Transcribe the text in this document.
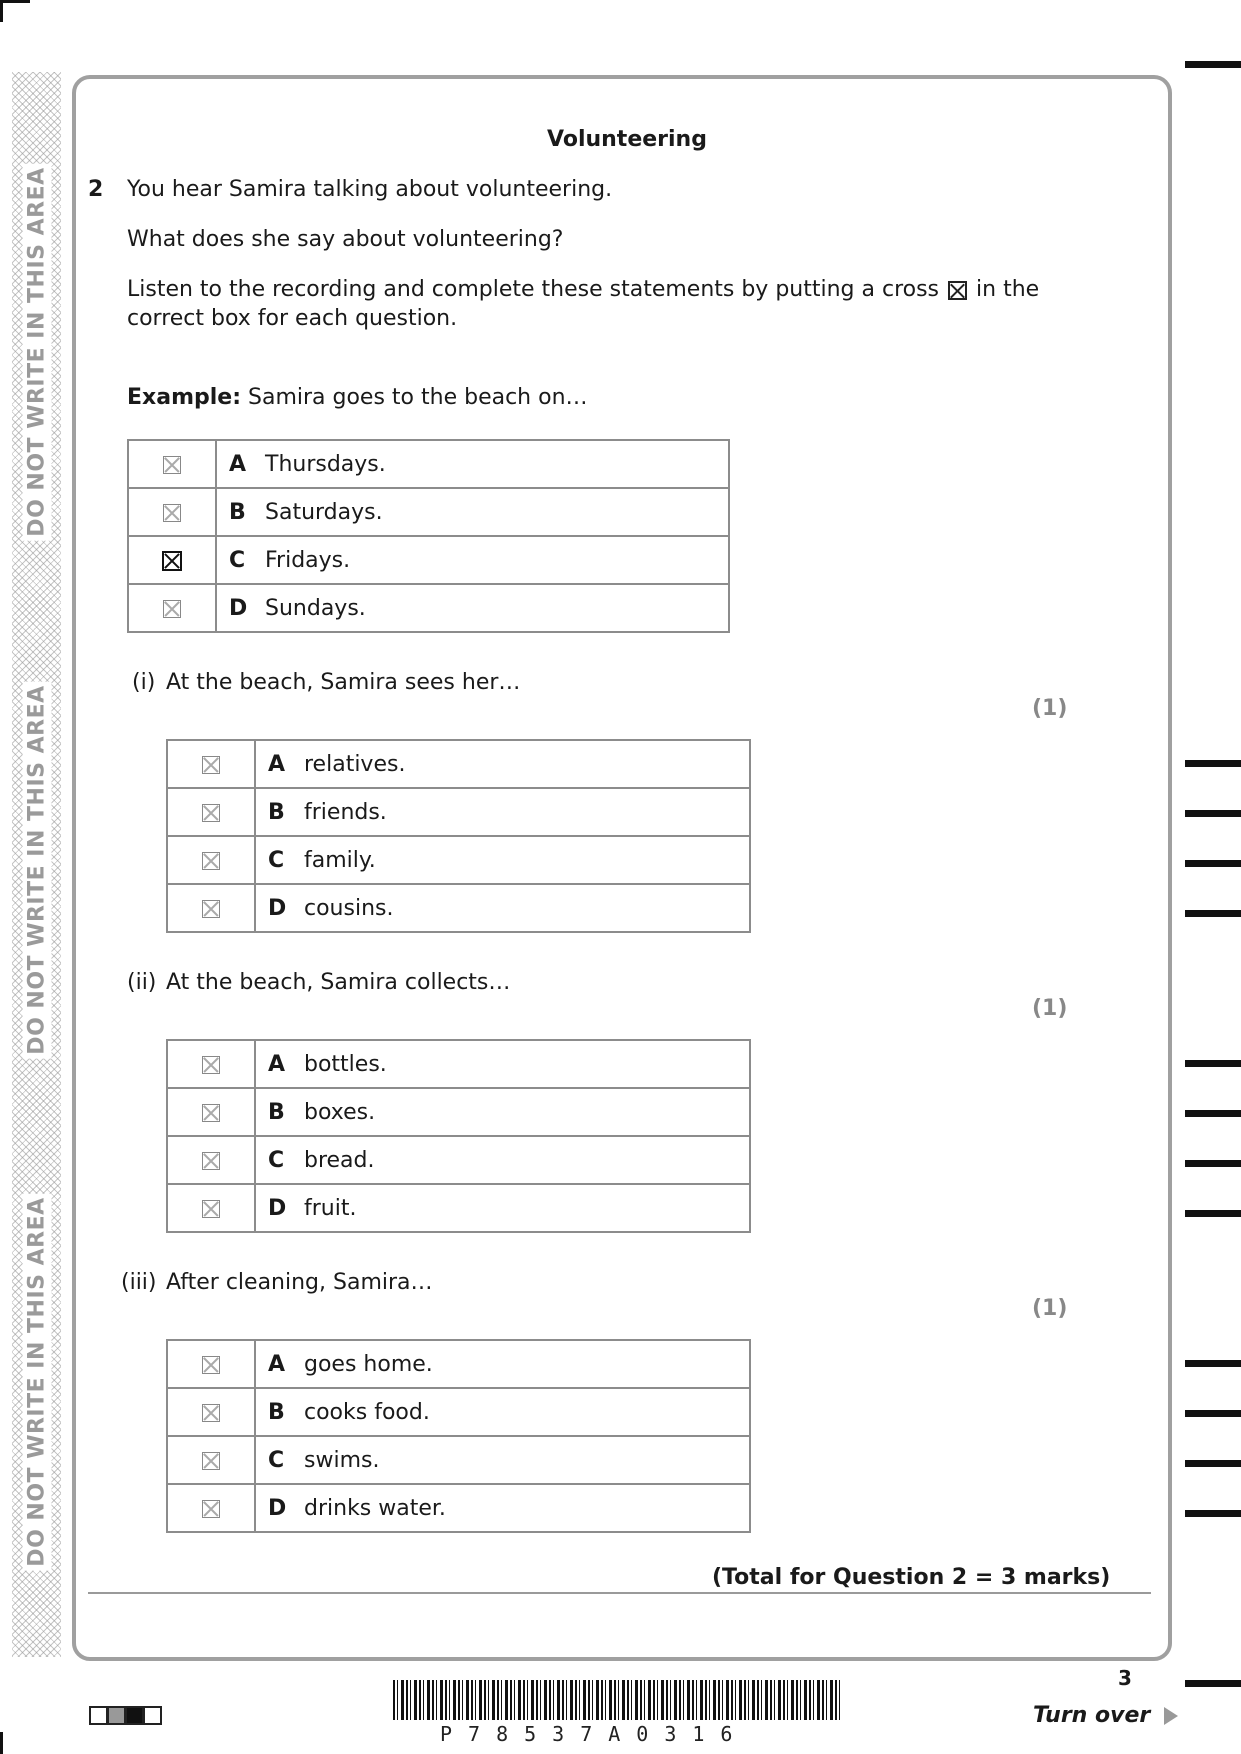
DO NOT WRITE IN THIS AREA
DO NOT WRITE IN THIS AREA
DO NOT WRITE IN THIS AREA
Volunteering
2 You hear Samira talking about volunteering.
What does she say about volunteering?
Listen to the recording and complete these statements by putting a cross ☒ in the
correct box for each question.
Example: Samira goes to the beach on…
	A Thursdays.
	B Saturdays.
	C Fridays.
	D Sundays.
(i) At the beach, Samira sees her…
(1)
	A relatives.
	B friends.
	C family.
	D cousins.
(ii) At the beach, Samira collects…
(1)
	A bottles.
	B boxes.
	C bread.
	D fruit.
(iii) After cleaning, Samira…
(1)
	A goes home.
	B cooks food.
	C swims.
	D drinks water.
(Total for Question 2 = 3 marks)
P78537A0316
3
Turn over
